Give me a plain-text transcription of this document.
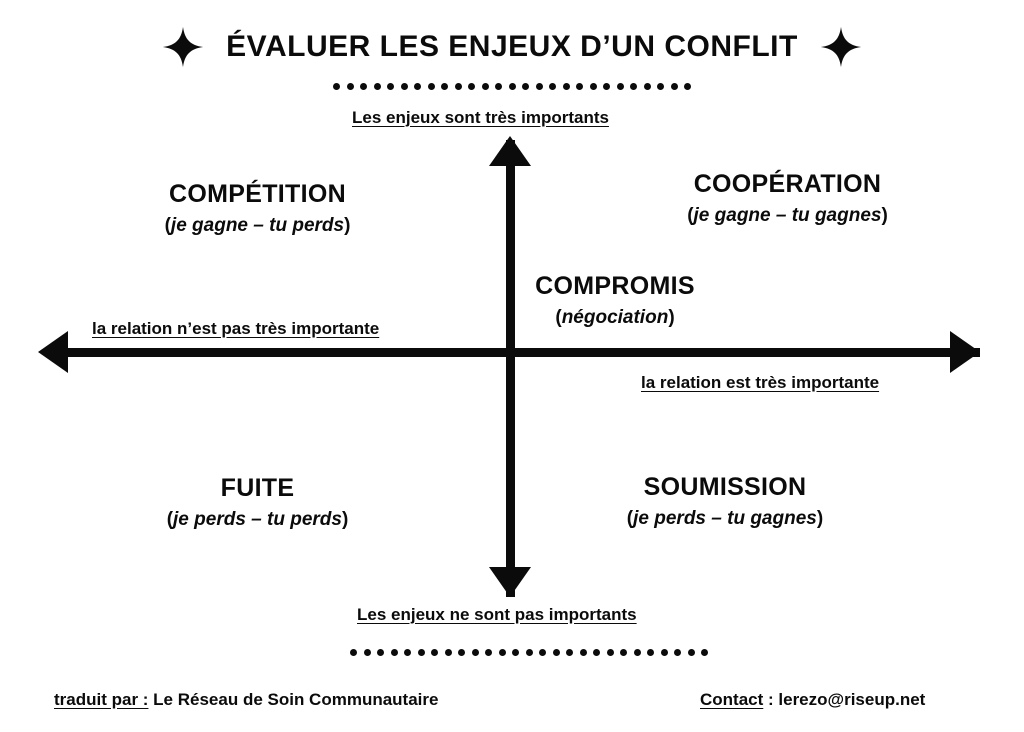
ÉVALUER LES ENJEUX D’UN CONFLIT
Les enjeux sont très importants
Les enjeux ne sont pas importants
la relation n’est pas très importante
la relation est très importante
COMPÉTITION
(je gagne – tu perds)
COOPÉRATION
(je gagne – tu gagnes)
COMPROMIS
(négociation)
FUITE
(je perds – tu perds)
SOUMISSION
(je perds – tu gagnes)
traduit par : Le Réseau de Soin Communautaire	Contact : lerezo@riseup.net
